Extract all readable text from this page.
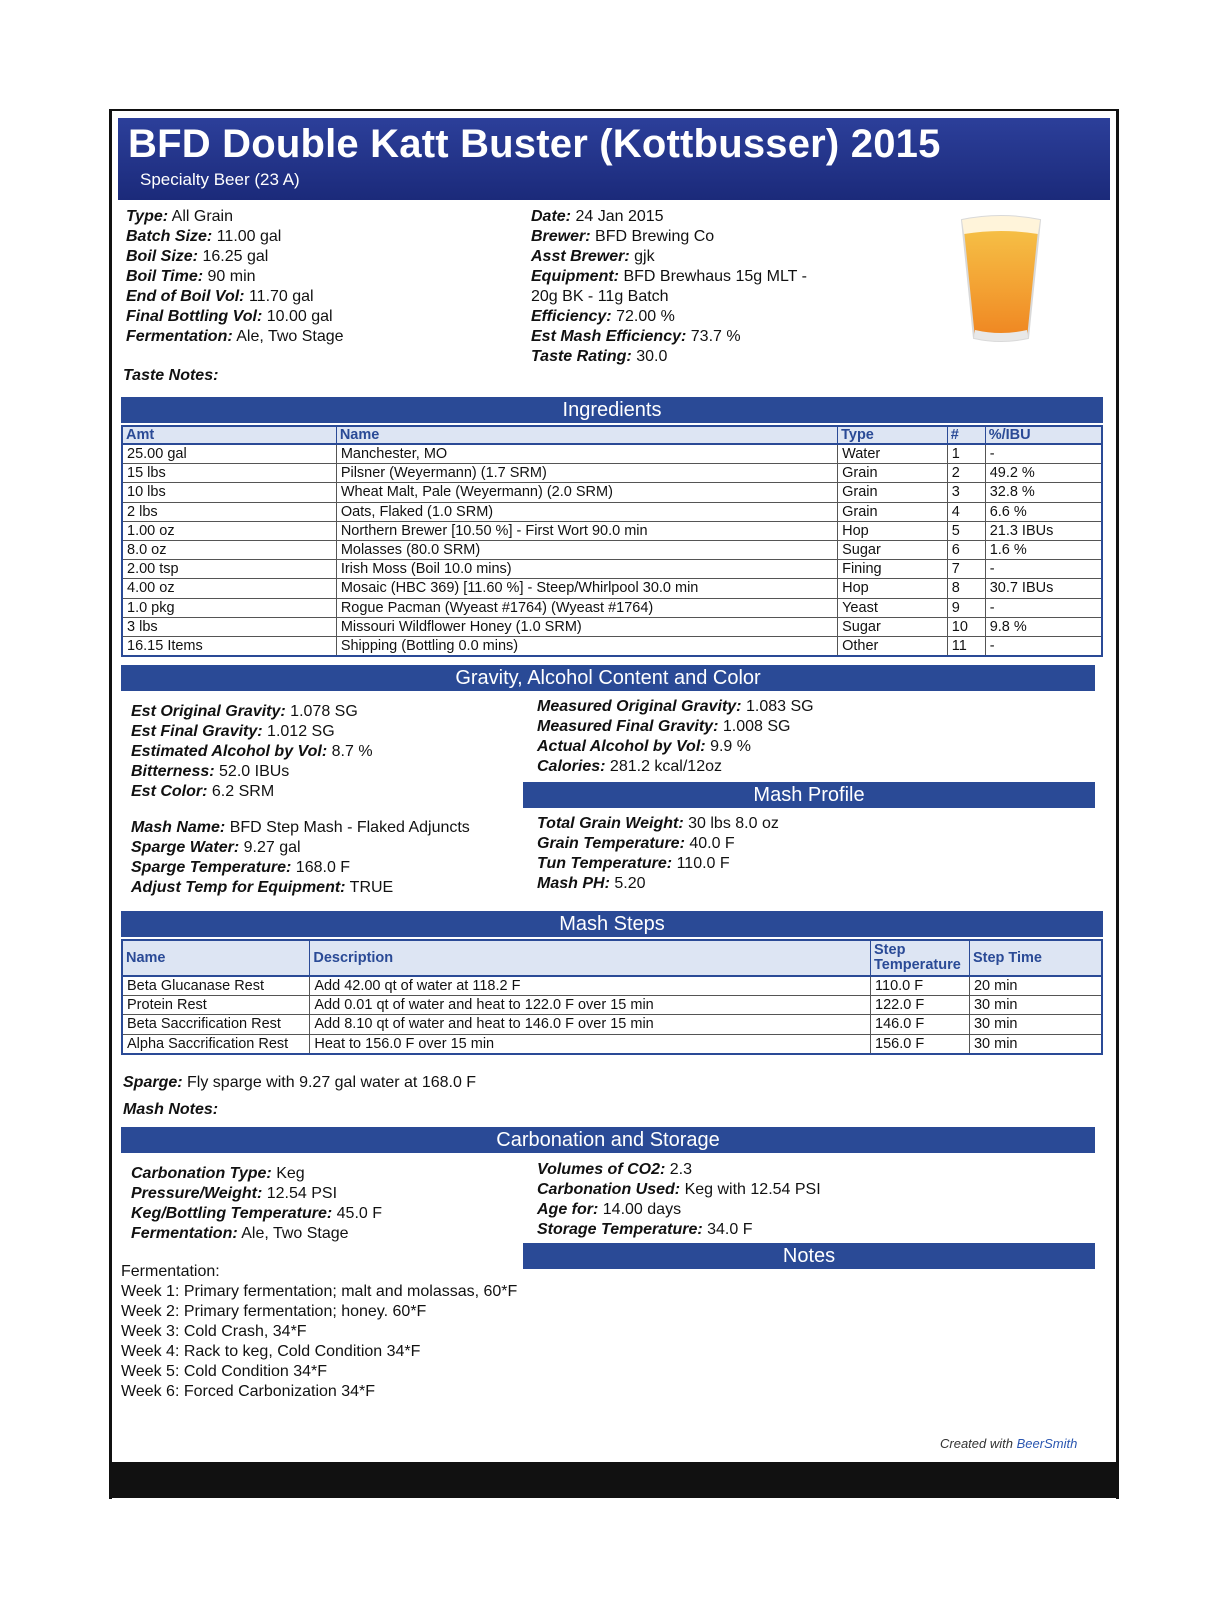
BFD Double Katt Buster (Kottbusser) 2015
Specialty Beer (23 A)
Type: All Grain
Batch Size: 11.00 gal
Boil Size: 16.25 gal
Boil Time: 90 min
End of Boil Vol: 11.70 gal
Final Bottling Vol: 10.00 gal
Fermentation: Ale, Two Stage
Date: 24 Jan 2015
Brewer: BFD Brewing Co
Asst Brewer: gjk
Equipment: BFD Brewhaus 15g MLT -
20g BK - 11g Batch
Efficiency: 72.00 %
Est Mash Efficiency: 73.7 %
Taste Rating: 30.0
Taste Notes:
Ingredients
Amt	Name	Type	#	%/IBU
25.00 gal	Manchester, MO	Water	1	-
15 lbs	Pilsner (Weyermann) (1.7 SRM)	Grain	2	49.2 %
10 lbs	Wheat Malt, Pale (Weyermann) (2.0 SRM)	Grain	3	32.8 %
2 lbs	Oats, Flaked (1.0 SRM)	Grain	4	6.6 %
1.00 oz	Northern Brewer [10.50 %] - First Wort 90.0 min	Hop	5	21.3 IBUs
8.0 oz	Molasses (80.0 SRM)	Sugar	6	1.6 %
2.00 tsp	Irish Moss (Boil 10.0 mins)	Fining	7	-
4.00 oz	Mosaic (HBC 369) [11.60 %] - Steep/Whirlpool 30.0 min	Hop	8	30.7 IBUs
1.0 pkg	Rogue Pacman (Wyeast #1764) (Wyeast #1764)	Yeast	9	-
3 lbs	Missouri Wildflower Honey (1.0 SRM)	Sugar	10	9.8 %
16.15 Items	Shipping (Bottling 0.0 mins)	Other	11	-
Gravity, Alcohol Content and Color
Est Original Gravity: 1.078 SG
Est Final Gravity: 1.012 SG
Estimated Alcohol by Vol: 8.7 %
Bitterness: 52.0 IBUs
Est Color: 6.2 SRM
Measured Original Gravity: 1.083 SG
Measured Final Gravity: 1.008 SG
Actual Alcohol by Vol: 9.9 %
Calories: 281.2 kcal/12oz
Mash Profile
Mash Name: BFD Step Mash - Flaked Adjuncts
Sparge Water: 9.27 gal
Sparge Temperature: 168.0 F
Adjust Temp for Equipment: TRUE
Total Grain Weight: 30 lbs 8.0 oz
Grain Temperature: 40.0 F
Tun Temperature: 110.0 F
Mash PH: 5.20
Mash Steps
Name	Description	Step Temperature	Step Time
Beta Glucanase Rest	Add 42.00 qt of water at 118.2 F	110.0 F	20 min
Protein Rest	Add 0.01 qt of water and heat to 122.0 F over 15 min	122.0 F	30 min
Beta Saccrification Rest	Add 8.10 qt of water and heat to 146.0 F over 15 min	146.0 F	30 min
Alpha Saccrification Rest	Heat to 156.0 F over 15 min	156.0 F	30 min
Sparge: Fly sparge with 9.27 gal water at 168.0 F
Mash Notes:
Carbonation and Storage
Carbonation Type: Keg
Pressure/Weight: 12.54 PSI
Keg/Bottling Temperature: 45.0 F
Fermentation: Ale, Two Stage
Volumes of CO2: 2.3
Carbonation Used: Keg with 12.54 PSI
Age for: 14.00 days
Storage Temperature: 34.0 F
Notes
Fermentation:
Week 1: Primary fermentation; malt and molassas, 60*F
Week 2: Primary fermentation; honey. 60*F
Week 3: Cold Crash, 34*F
Week 4: Rack to keg, Cold Condition 34*F
Week 5: Cold Condition 34*F
Week 6: Forced Carbonization 34*F
Created with BeerSmith
